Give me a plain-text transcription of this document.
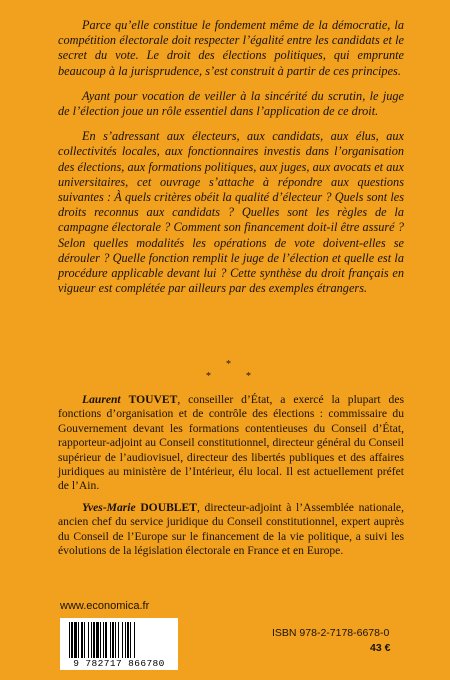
Parce qu’elle constitue le fondement même de la démocratie, la compétition électorale doit respecter l’égalité entre les candidats et le secret du vote. Le droit des élections politiques, qui emprunte beaucoup à la jurisprudence, s’est construit à partir de ces principes.

Ayant pour vocation de veiller à la sincérité du scrutin, le juge de l’élection joue un rôle essentiel dans l’application de ce droit.

En s’adressant aux électeurs, aux candidats, aux élus, aux collectivités locales, aux fonctionnaires investis dans l’organisation des élections, aux formations politiques, aux juges, aux avocats et aux universitaires, cet ouvrage s’attache à répondre aux questions suivantes : À quels critères obéit la qualité d’électeur ? Quels sont les droits reconnus aux candidats ? Quelles sont les règles de la campagne électorale ? Comment son financement doit-il être assuré ? Selon quelles modalités les opérations de vote doivent-elles se dérouler ? Quelle fonction remplit le juge de l’élection et quelle est la procédure applicable devant lui ? Cette synthèse du droit français en vigueur est complétée par ailleurs par des exemples étrangers.

*
*	*

Laurent TOUVET, conseiller d’État, a exercé la plupart des fonctions d’organisation et de contrôle des élections : commissaire du Gouvernement devant les formations contentieuses du Conseil d’État, rapporteur-adjoint au Conseil constitutionnel, directeur général du Conseil supérieur de l’audiovisuel, directeur des libertés publiques et des affaires juridiques au ministère de l’Intérieur, élu local. Il est actuellement préfet de l’Ain.

Yves-Marie DOUBLET, directeur-adjoint à l’Assemblée nationale, ancien chef du service juridique du Conseil constitutionnel, expert auprès du Conseil de l’Europe sur le financement de la vie politique, a suivi les évolutions de la législation électorale en France et en Europe.

www.economica.fr
9 782717 866780
ISBN 978-2-7178-6678-0
43 €
